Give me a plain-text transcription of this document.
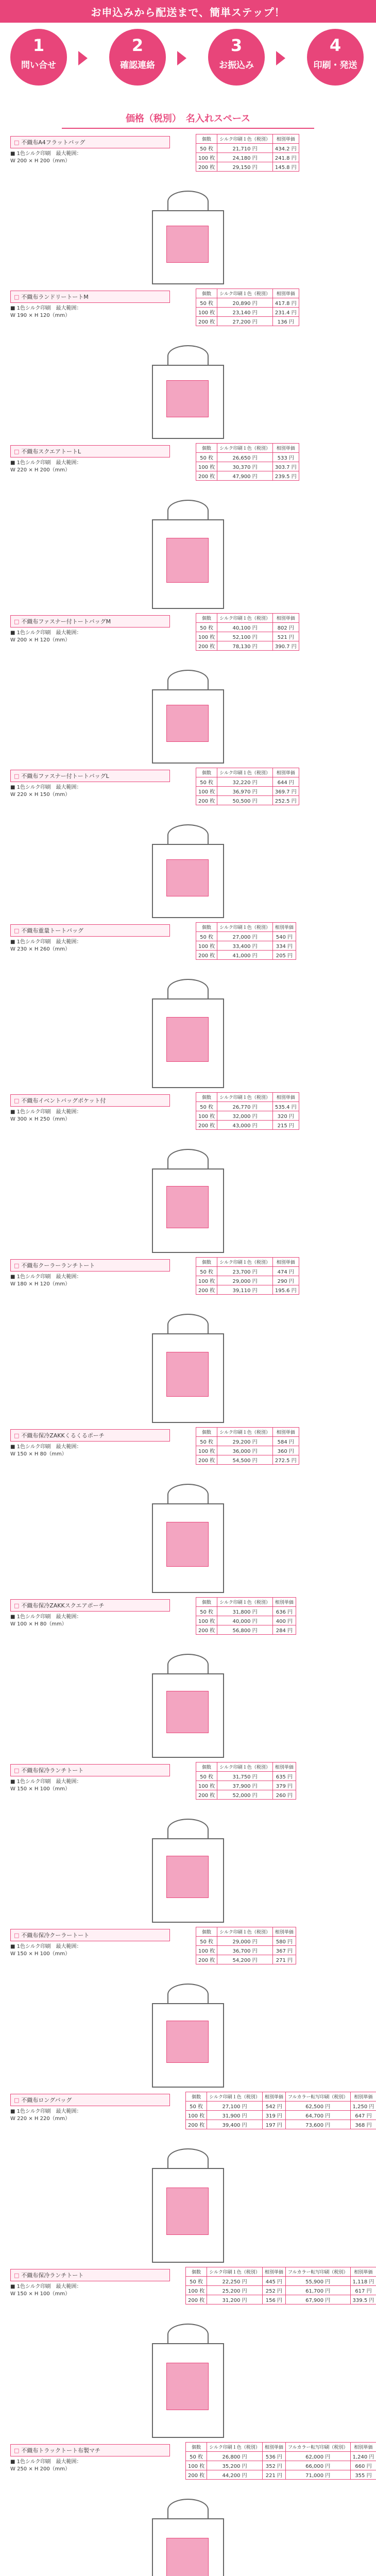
お申込みから配送まで、簡単ステップ！
1
問い合せ
2
確認連絡
3
お振込み
4
印刷・発送
価格（税別）　名入れスペース
□ 不織布A4フラットバッグ
■ 1色シルク印刷　最大範囲：
W 200 × H 200（mm）
個数	シルク印刷１色（税別）	相別単価
50 枚	21,710 円	434.2 円
100 枚	24,180 円	241.8 円
200 枚	29,150 円	145.8 円
□ 不織布ランドリートートM
■ 1色シルク印刷　最大範囲：
W 190 × H 120（mm）
個数	シルク印刷１色（税別）	相別単価
50 枚	20,890 円	417.8 円
100 枚	23,140 円	231.4 円
200 枚	27,200 円	136 円
□ 不織布スクエアトートL
■ 1色シルク印刷　最大範囲：
W 220 × H 200（mm）
個数	シルク印刷１色（税別）	相別単価
50 枚	26,650 円	533 円
100 枚	30,370 円	303.7 円
200 枚	47,900 円	239.5 円
□ 不織布ファスナー付トートバッグM
■ 1色シルク印刷　最大範囲：
W 200 × H 120（mm）
個数	シルク印刷１色（税別）	相別単価
50 枚	40,100 円	802 円
100 枚	52,100 円	521 円
200 枚	78,130 円	390.7 円
□ 不織布ファスナー付トートバッグL
■ 1色シルク印刷　最大範囲：
W 220 × H 150（mm）
個数	シルク印刷１色（税別）	相別単価
50 枚	32,220 円	644 円
100 枚	36,970 円	369.7 円
200 枚	50,500 円	252.5 円
□ 不織布重量トートバッグ
■ 1色シルク印刷　最大範囲：
W 230 × H 260（mm）
個数	シルク印刷１色（税別）	相別単価
50 枚	27,000 円	540 円
100 枚	33,400 円	334 円
200 枚	41,000 円	205 円
□ 不織布イベントバッグポケット付
■ 1色シルク印刷　最大範囲：
W 300 × H 250（mm）
個数	シルク印刷１色（税別）	相別単価
50 枚	26,770 円	535.4 円
100 枚	32,000 円	320 円
200 枚	43,000 円	215 円
□ 不織布クーラーランチトート
■ 1色シルク印刷　最大範囲：
W 180 × H 120（mm）
個数	シルク印刷１色（税別）	相別単価
50 枚	23,700 円	474 円
100 枚	29,000 円	290 円
200 枚	39,110 円	195.6 円
□ 不織布保冷ZAKKくるくるポーチ
■ 1色シルク印刷　最大範囲：
W 150 × H 80（mm）
個数	シルク印刷１色（税別）	相別単価
50 枚	29,200 円	584 円
100 枚	36,000 円	360 円
200 枚	54,500 円	272.5 円
□ 不織布保冷ZAKKスクエアポーチ
■ 1色シルク印刷　最大範囲：
W 100 × H 80（mm）
個数	シルク印刷１色（税別）	相別単価
50 枚	31,800 円	636 円
100 枚	40,000 円	400 円
200 枚	56,800 円	284 円
□ 不織布保冷ランチトート
■ 1色シルク印刷　最大範囲：
W 150 × H 100（mm）
個数	シルク印刷１色（税別）	相別単価
50 枚	31,750 円	635 円
100 枚	37,900 円	379 円
200 枚	52,000 円	260 円
□ 不織布保冷クーラートート
■ 1色シルク印刷　最大範囲：
W 150 × H 100（mm）
個数	シルク印刷１色（税別）	相別単価
50 枚	29,000 円	580 円
100 枚	36,700 円	367 円
200 枚	54,200 円	271 円
□ 不織布ロングバッグ
■ 1色シルク印刷　最大範囲：
W 220 × H 220（mm）
個数	シルク印刷１色（税別）	相別単価	フルカラー転写印刷（税別）	相別単価
50 枚	27,100 円	542 円	62,500 円	1,250 円
100 枚	31,900 円	319 円	64,700 円	647 円
200 枚	39,400 円	197 円	73,600 円	368 円
□ 不織布保冷ランチトート
■ 1色シルク印刷　最大範囲：
W 150 × H 100（mm）
個数	シルク印刷１色（税別）	相別単価	フルカラー転写印刷（税別）	相別単価
50 枚	22,250 円	445 円	55,900 円	1,118 円
100 枚	25,200 円	252 円	61,700 円	617 円
200 枚	31,200 円	156 円	67,900 円	339.5 円
□ 不織布トラックトート布製マチ
■ 1色シルク印刷　最大範囲：
W 250 × H 200（mm）
個数	シルク印刷１色（税別）	相別単価	フルカラー転写印刷（税別）	相別単価
50 枚	26,800 円	536 円	62,000 円	1,240 円
100 枚	35,200 円	352 円	66,000 円	660 円
200 枚	44,200 円	221 円	71,000 円	355 円
